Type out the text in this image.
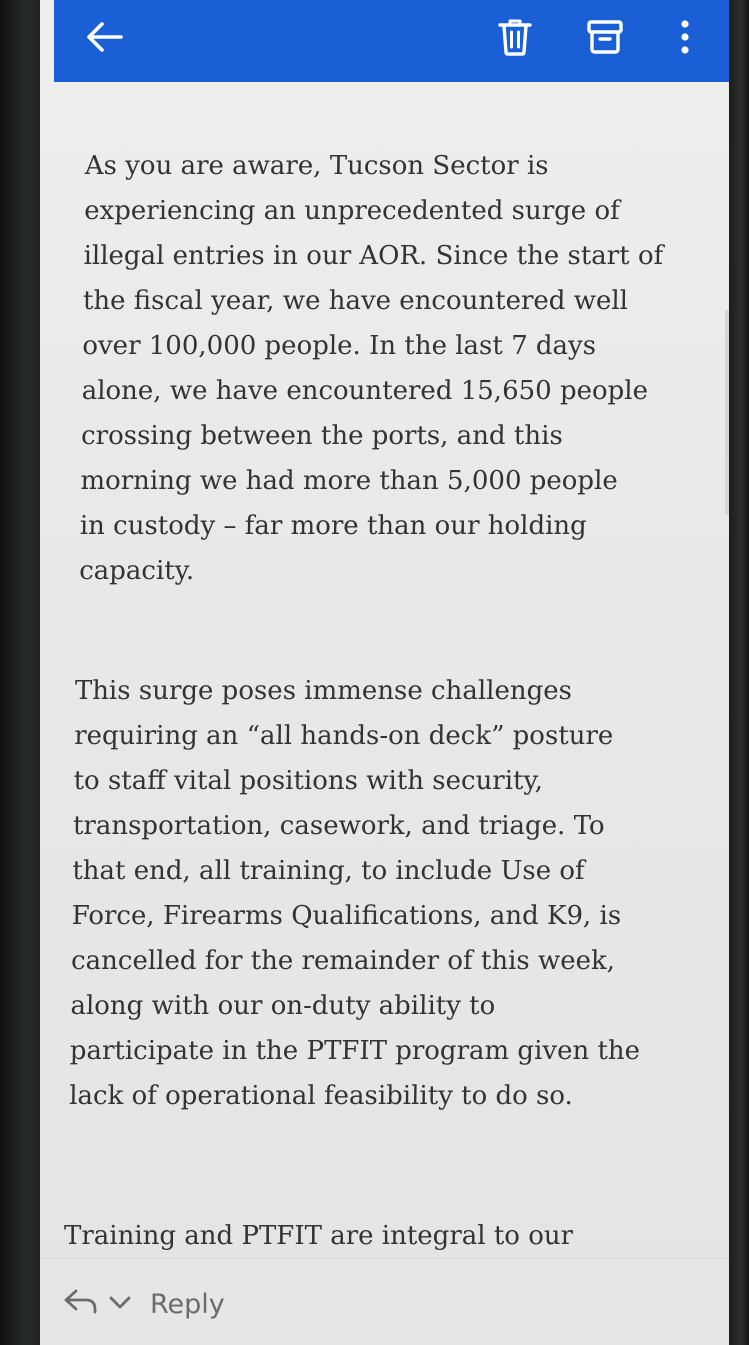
As you are aware, Tucson Sector is
experiencing an unprecedented surge of
illegal entries in our AOR. Since the start of
the fiscal year, we have encountered well
over 100,000 people. In the last 7 days
alone, we have encountered 15,650 people
crossing between the ports, and this
morning we had more than 5,000 people
in custody – far more than our holding
capacity.

This surge poses immense challenges
requiring an “all hands-on deck” posture
to staff vital positions with security,
transportation, casework, and triage. To
that end, all training, to include Use of
Force, Firearms Qualifications, and K9, is
cancelled for the remainder of this week,
along with our on-duty ability to
participate in the PTFIT program given the
lack of operational feasibility to do so.

Training and PTFIT are integral to our

Reply
